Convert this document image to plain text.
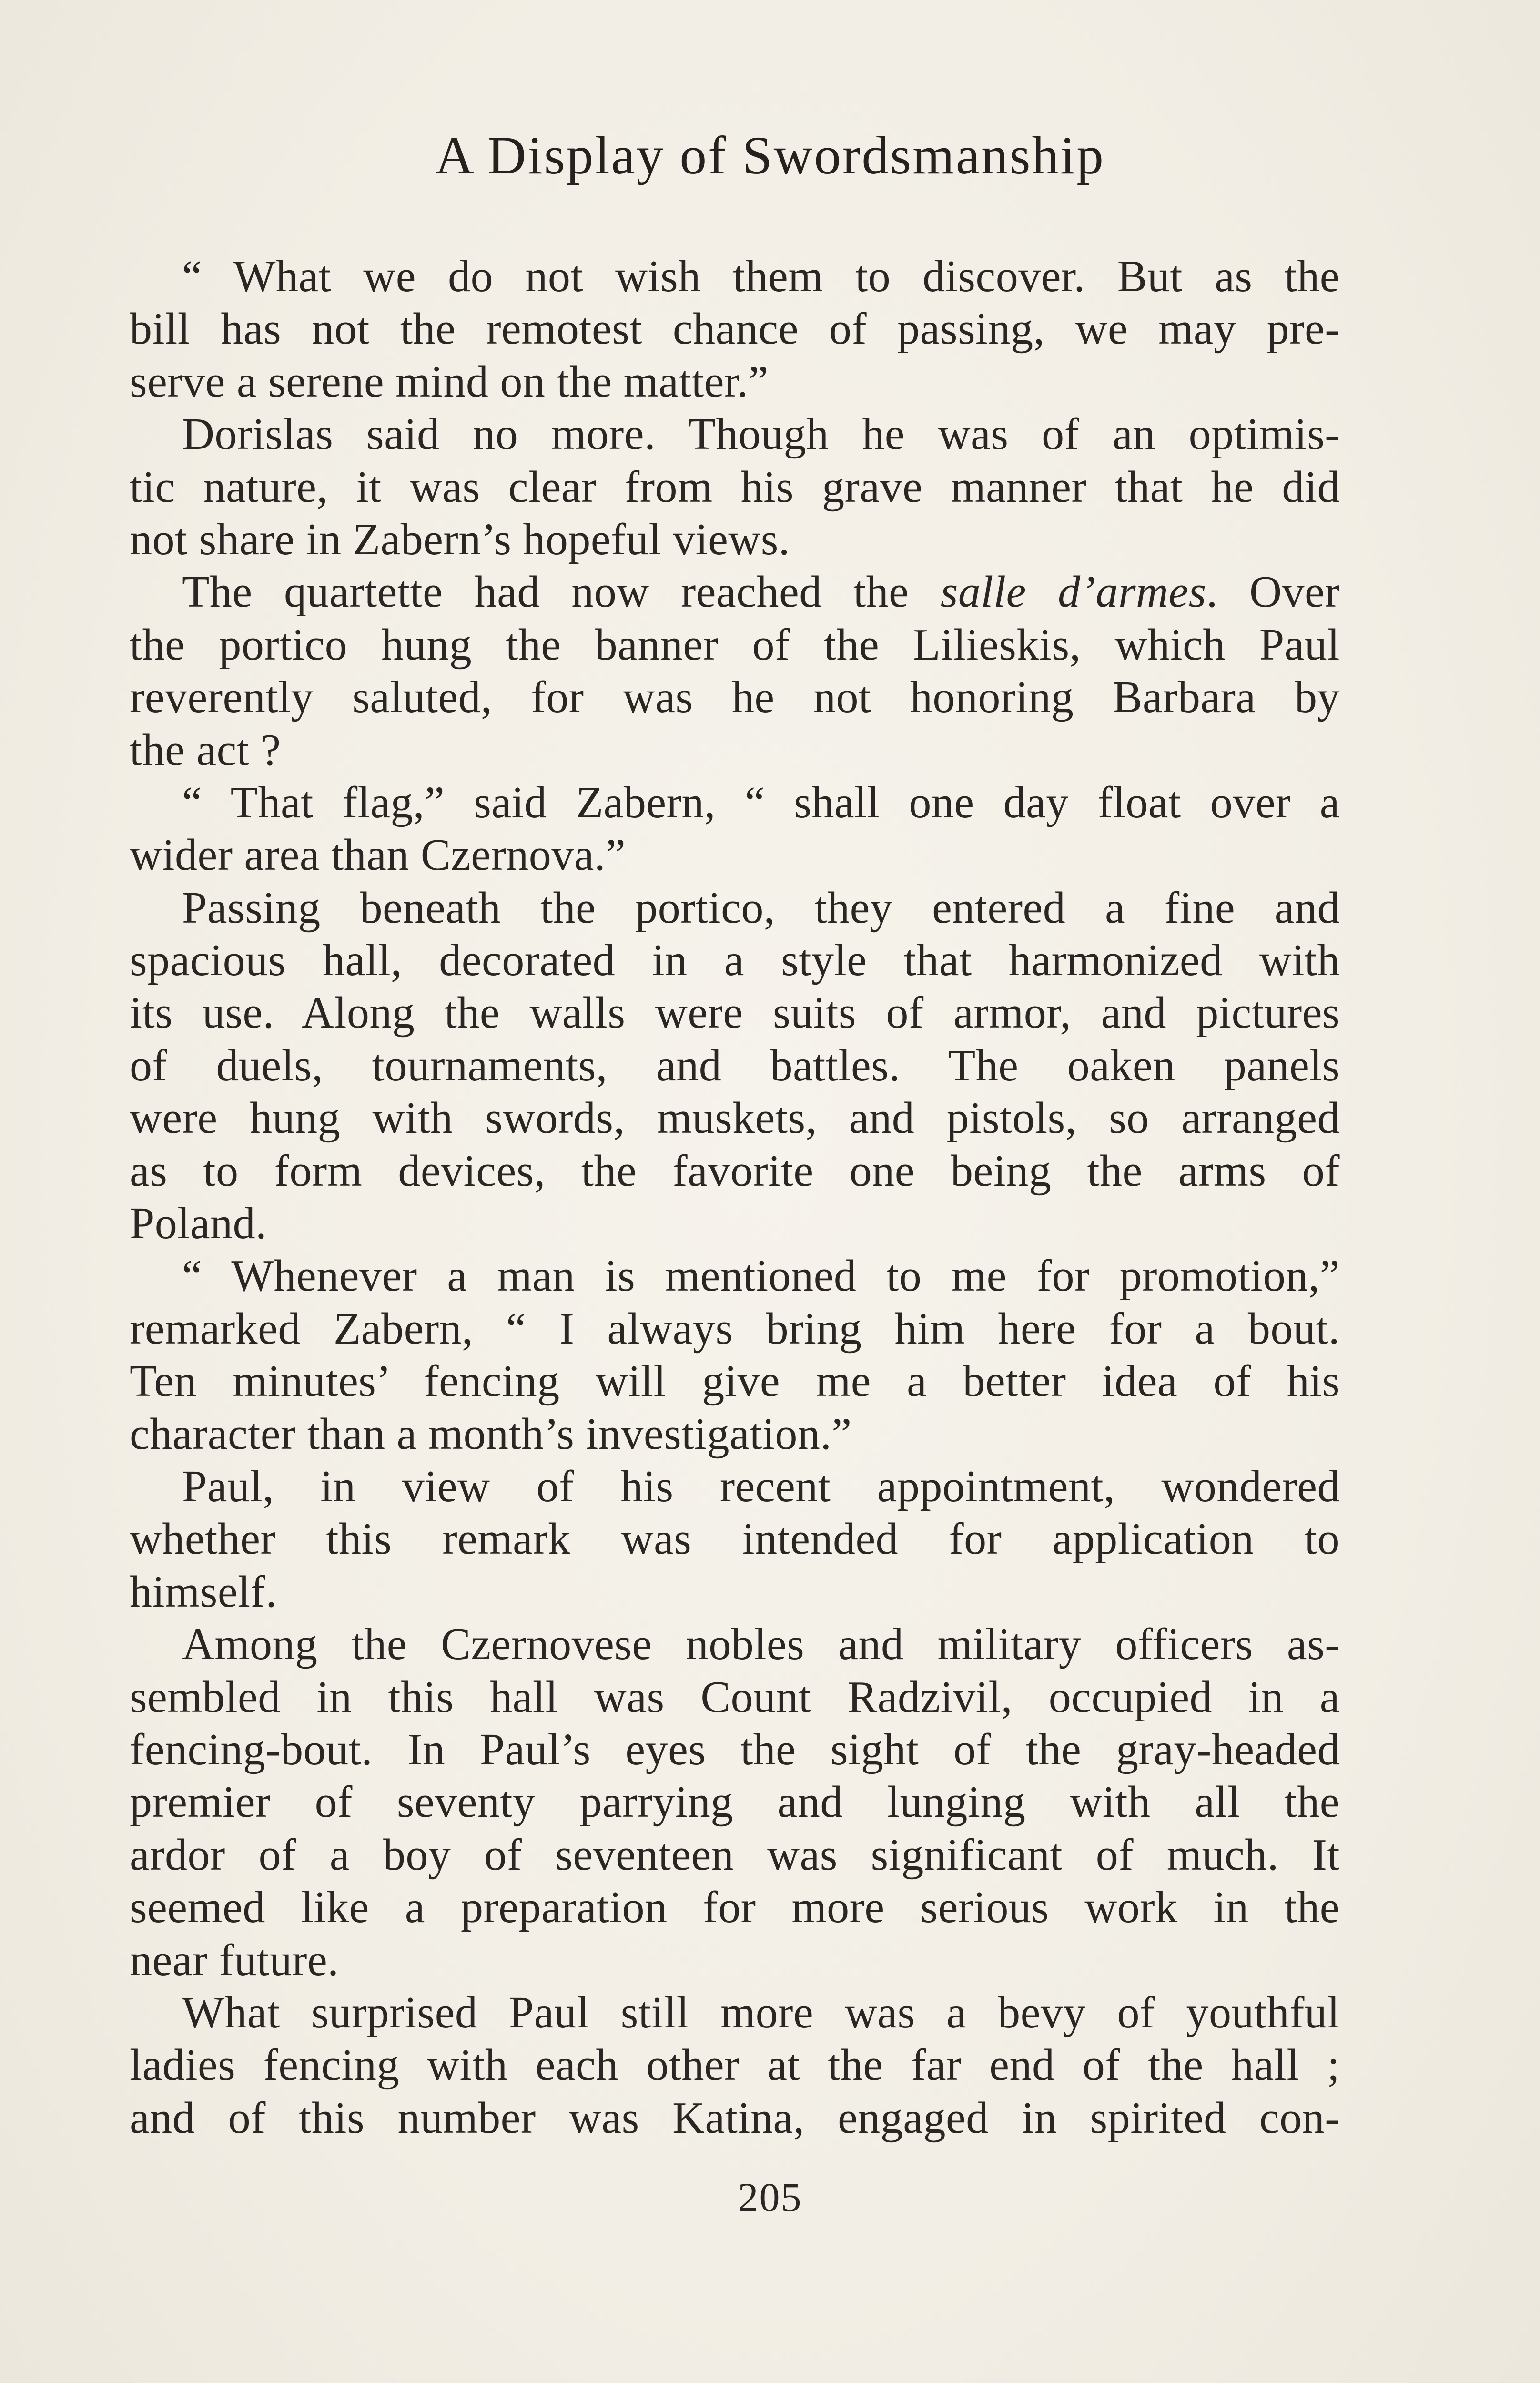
A Display of Swordsmanship
“ What we do not wish them to discover. But as the
bill has not the remotest chance of passing, we may pre-
serve a serene mind on the matter.”
Dorislas said no more. Though he was of an optimis-
tic nature, it was clear from his grave manner that he did
not share in Zabern’s hopeful views.
The quartette had now reached the salle d’armes. Over
the portico hung the banner of the Lilieskis, which Paul
reverently saluted, for was he not honoring Barbara by
the act ?
“ That flag,” said Zabern, “ shall one day float over a
wider area than Czernova.”
Passing beneath the portico, they entered a fine and
spacious hall, decorated in a style that harmonized with
its use. Along the walls were suits of armor, and pictures
of duels, tournaments, and battles. The oaken panels
were hung with swords, muskets, and pistols, so arranged
as to form devices, the favorite one being the arms of
Poland.
“ Whenever a man is mentioned to me for promotion,”
remarked Zabern, “ I always bring him here for a bout.
Ten minutes’ fencing will give me a better idea of his
character than a month’s investigation.”
Paul, in view of his recent appointment, wondered
whether this remark was intended for application to
himself.
Among the Czernovese nobles and military officers as-
sembled in this hall was Count Radzivil, occupied in a
fencing-bout. In Paul’s eyes the sight of the gray-headed
premier of seventy parrying and lunging with all the
ardor of a boy of seventeen was significant of much. It
seemed like a preparation for more serious work in the
near future.
What surprised Paul still more was a bevy of youthful
ladies fencing with each other at the far end of the hall ;
and of this number was Katina, engaged in spirited con-
205
